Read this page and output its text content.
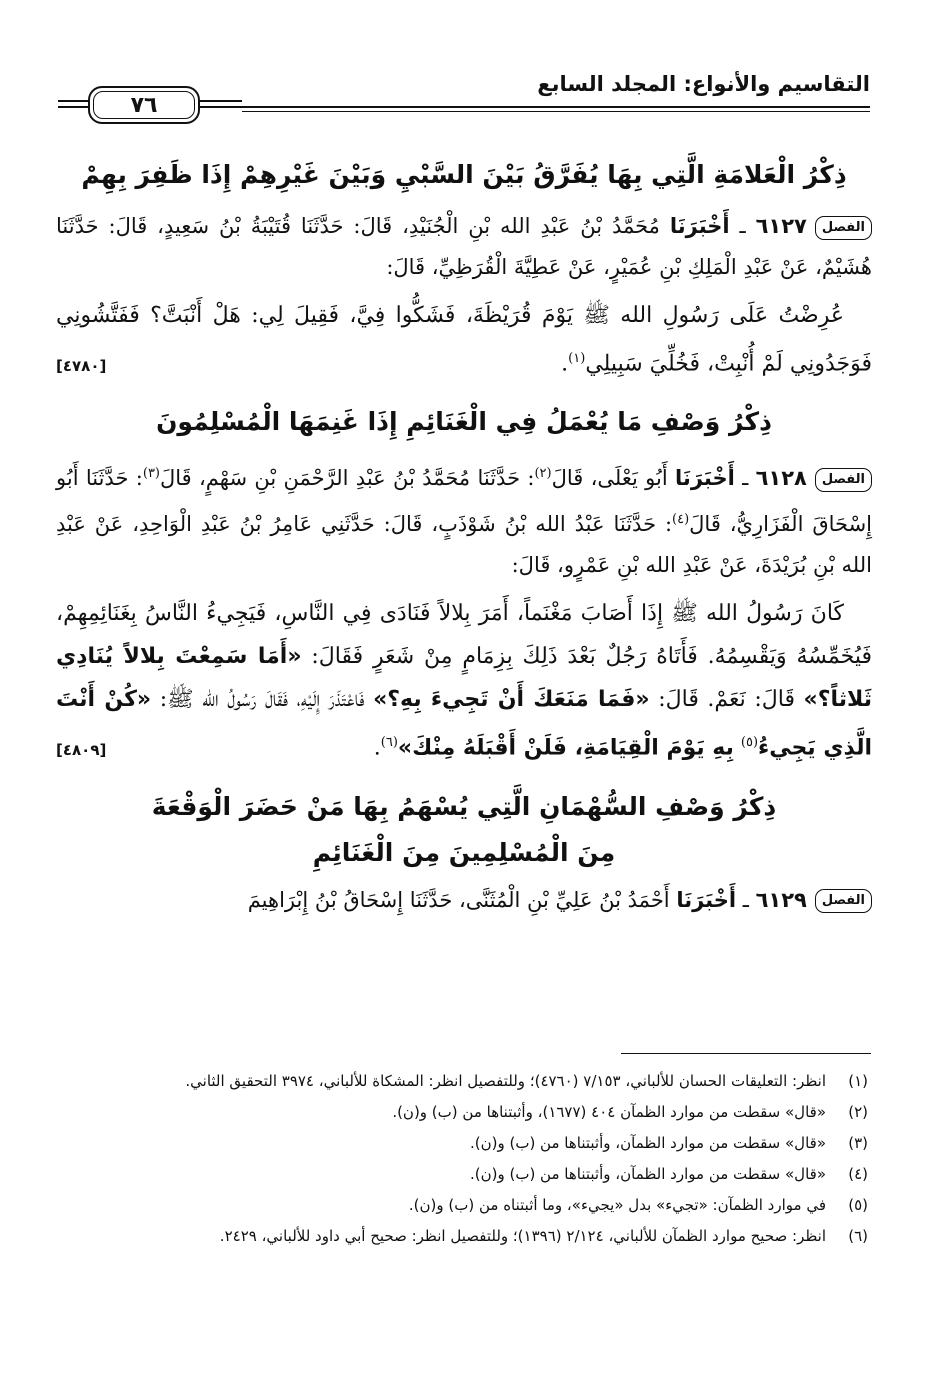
التقاسيم والأنواع: المجلد السابع
٧٦
ذِكْرُ الْعَلامَةِ الَّتِي بِهَا يُفَرَّقُ بَيْنَ السَّبْيِ وَبَيْنَ غَيْرِهِمْ إِذَا ظَفِرَ بِهِمْ

الفصل٦١٢٧ ـ أَخْبَرَنَا مُحَمَّدُ بْنُ عَبْدِ الله بْنِ الْجُنَيْدِ، قَالَ: حَدَّثَنَا قُتَيْبَةُ بْنُ سَعِيدٍ، قَالَ: حَدَّثَنَا هُشَيْمٌ، عَنْ عَبْدِ الْمَلِكِ بْنِ عُمَيْرٍ، عَنْ عَطِيَّةَ الْقُرَظِيِّ، قَالَ:

عُرِضْتُ عَلَى رَسُولِ الله ﷺ يَوْمَ قُرَيْظَةَ، فَشَكُّوا فِيَّ، فَقِيلَ لِي: هَلْ أَنْبَتَّ؟ فَفَتَّشُونِي فَوَجَدُونِي لَمْ أُنْبِتْ، فَخُلِّيَ سَبِيلِي$^{(١)}$.
[٤٧٨٠]

ذِكْرُ وَصْفِ مَا يُعْمَلُ فِي الْغَنَائِمِ إِذَا غَنِمَهَا الْمُسْلِمُونَ

الفصل٦١٢٨ ـ أَخْبَرَنَا أَبُو يَعْلَى، قَالَ$^{(٢)}$: حَدَّثَنَا مُحَمَّدُ بْنُ عَبْدِ الرَّحْمَنِ بْنِ سَهْمٍ، قَالَ$^{(٣)}$: حَدَّثَنَا أَبُو إِسْحَاقَ الْفَزَارِيُّ، قَالَ$^{(٤)}$: حَدَّثَنَا عَبْدُ الله بْنُ شَوْذَبٍ، قَالَ: حَدَّثَنِي عَامِرُ بْنُ عَبْدِ الْوَاحِدِ، عَنْ عَبْدِ الله بْنِ بُرَيْدَةَ، عَنْ عَبْدِ الله بْنِ عَمْرٍو، قَالَ:

كَانَ رَسُولُ الله ﷺ إِذَا أَصَابَ مَغْنَماً، أَمَرَ بِلالاً فَنَادَى فِي النَّاسِ، فَيَجِيءُ النَّاسُ بِغَنَائِمِهِمْ، فَيُخَمِّسُهُ وَيَقْسِمُهُ. فَأَتَاهُ رَجُلٌ بَعْدَ ذَلِكَ بِزِمَامٍ مِنْ شَعَرٍ فَقَالَ: «أَمَا سَمِعْتَ بِلالاً يُنَادِي ثَلاثاً؟» قَالَ: نَعَمْ. قَالَ: «فَمَا مَنَعَكَ أَنْ تَجِيءَ بِهِ؟» فَاعْتَذَرَ إِلَيْهِ، فَقَالَ رَسُولُ الله ﷺ: «كُنْ أَنْتَ الَّذِي يَجِيءُ$^{(٥)}$ بِهِ يَوْمَ الْقِيَامَةِ، فَلَنْ أَقْبَلَهُ مِنْكَ»$^{(٦)}$.
[٤٨٠٩]

ذِكْرُ وَصْفِ السُّهْمَانِ الَّتِي يُسْهَمُ بِهَا مَنْ حَضَرَ الْوَقْعَةَ
مِنَ الْمُسْلِمِينَ مِنَ الْغَنَائِمِ

الفصل٦١٢٩ ـ أَخْبَرَنَا أَحْمَدُ بْنُ عَلِيِّ بْنِ الْمُثَنَّى، حَدَّثَنَا إِسْحَاقُ بْنُ إِبْرَاهِيمَ

(١)
انظر: التعليقات الحسان للألباني، ٧/١٥٣ (٤٧٦٠)؛ وللتفصيل انظر: المشكاة للألباني، ٣٩٧٤ التحقيق الثاني.
(٢)
«قال» سقطت من موارد الظمآن ٤٠٤ (١٦٧٧)، وأثبتناها من (ب) و(ن).
(٣)
«قال» سقطت من موارد الظمآن، وأثبتناها من (ب) و(ن).
(٤)
«قال» سقطت من موارد الظمآن، وأثبتناها من (ب) و(ن).
(٥)
في موارد الظمآن: «تجيء» بدل «يجيء»، وما أثبتناه من (ب) و(ن).
(٦)
انظر: صحيح موارد الظمآن للألباني، ٢/١٢٤ (١٣٩٦)؛ وللتفصيل انظر: صحيح أبي داود للألباني، ٢٤٢٩.
